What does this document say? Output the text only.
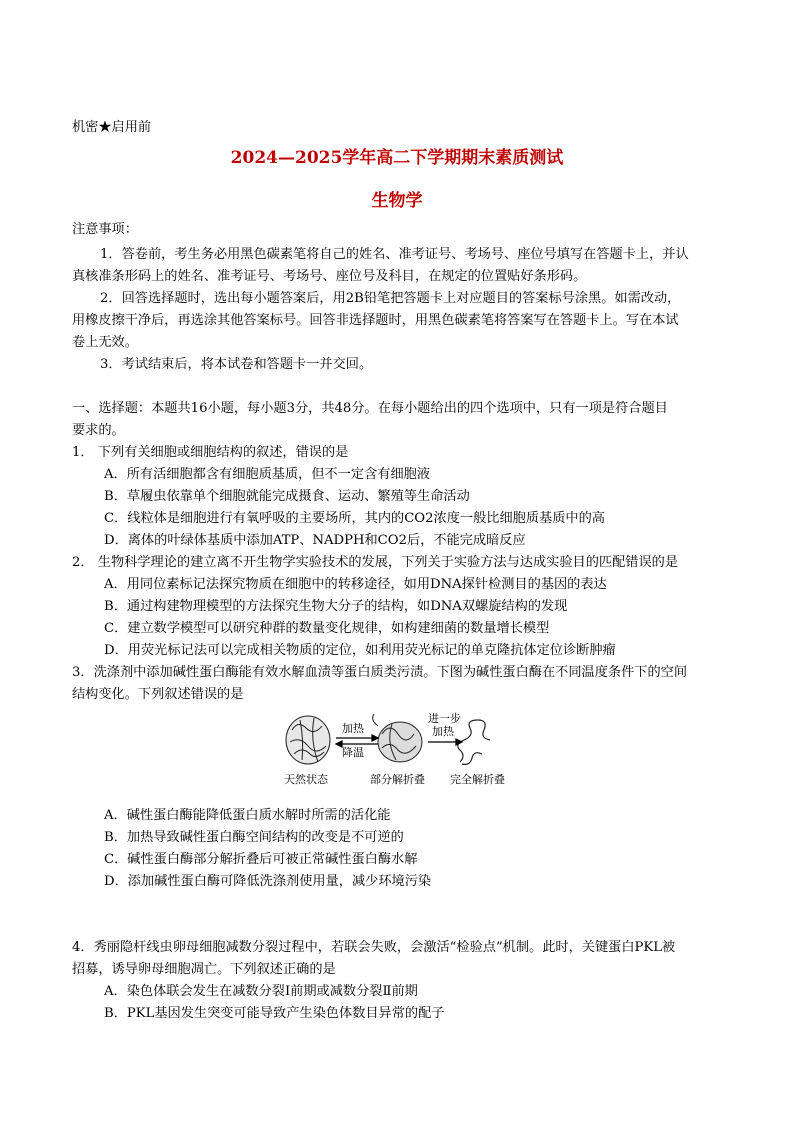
机密★启用前
2024—2025学年高二下学期期末素质测试
生物学
注意事项：
1．答卷前，考生务必用黑色碳素笔将自己的姓名、准考证号、考场号、座位号填写在答题卡上，并认
真核准条形码上的姓名、准考证号、考场号、座位号及科目，在规定的位置贴好条形码。
2．回答选择题时，选出每小题答案后，用2B铅笔把答题卡上对应题目的答案标号涂黑。如需改动，
用橡皮擦干净后，再选涂其他答案标号。回答非选择题时，用黑色碳素笔将答案写在答题卡上。写在本试
卷上无效。
3．考试结束后，将本试卷和答题卡一并交回。
一、选择题：本题共16小题，每小题3分，共48分。在每小题给出的四个选项中，只有一项是符合题目
要求的。
1． 下列有关细胞或细胞结构的叙述，错误的是
A．所有活细胞都含有细胞质基质，但不一定含有细胞液
B．草履虫依靠单个细胞就能完成摄食、运动、繁殖等生命活动
C．线粒体是细胞进行有氧呼吸的主要场所，其内的CO2浓度一般比细胞质基质中的高
D．离体的叶绿体基质中添加ATP、NADPH和CO2后，不能完成暗反应
2． 生物科学理论的建立离不开生物学实验技术的发展，下列关于实验方法与达成实验目的匹配错误的是
A．用同位素标记法探究物质在细胞中的转移途径，如用DNA探针检测目的基因的表达
B．通过构建物理模型的方法探究生物大分子的结构，如DNA双螺旋结构的发现
C．建立数学模型可以研究种群的数量变化规律，如构建细菌的数量增长模型
D．用荧光标记法可以完成相关物质的定位，如利用荧光标记的单克隆抗体定位诊断肿瘤
3．洗涤剂中添加碱性蛋白酶能有效水解血渍等蛋白质类污渍。下图为碱性蛋白酶在不同温度条件下的空间
结构变化。下列叙述错误的是
加热
降温
进一步
加热
天然状态	部分解折叠 完全解折叠
A．碱性蛋白酶能降低蛋白质水解时所需的活化能
B．加热导致碱性蛋白酶空间结构的改变是不可逆的
C．碱性蛋白酶部分解折叠后可被正常碱性蛋白酶水解
D．添加碱性蛋白酶可降低洗涤剂使用量，减少环境污染
4．秀丽隐杆线虫卵母细胞减数分裂过程中，若联会失败，会激活“检验点”机制。此时，关键蛋白PKL被
招募，诱导卵母细胞凋亡。下列叙述正确的是
A．染色体联会发生在减数分裂Ⅰ前期或减数分裂Ⅱ前期
B．PKL基因发生突变可能导致产生染色体数目异常的配子
